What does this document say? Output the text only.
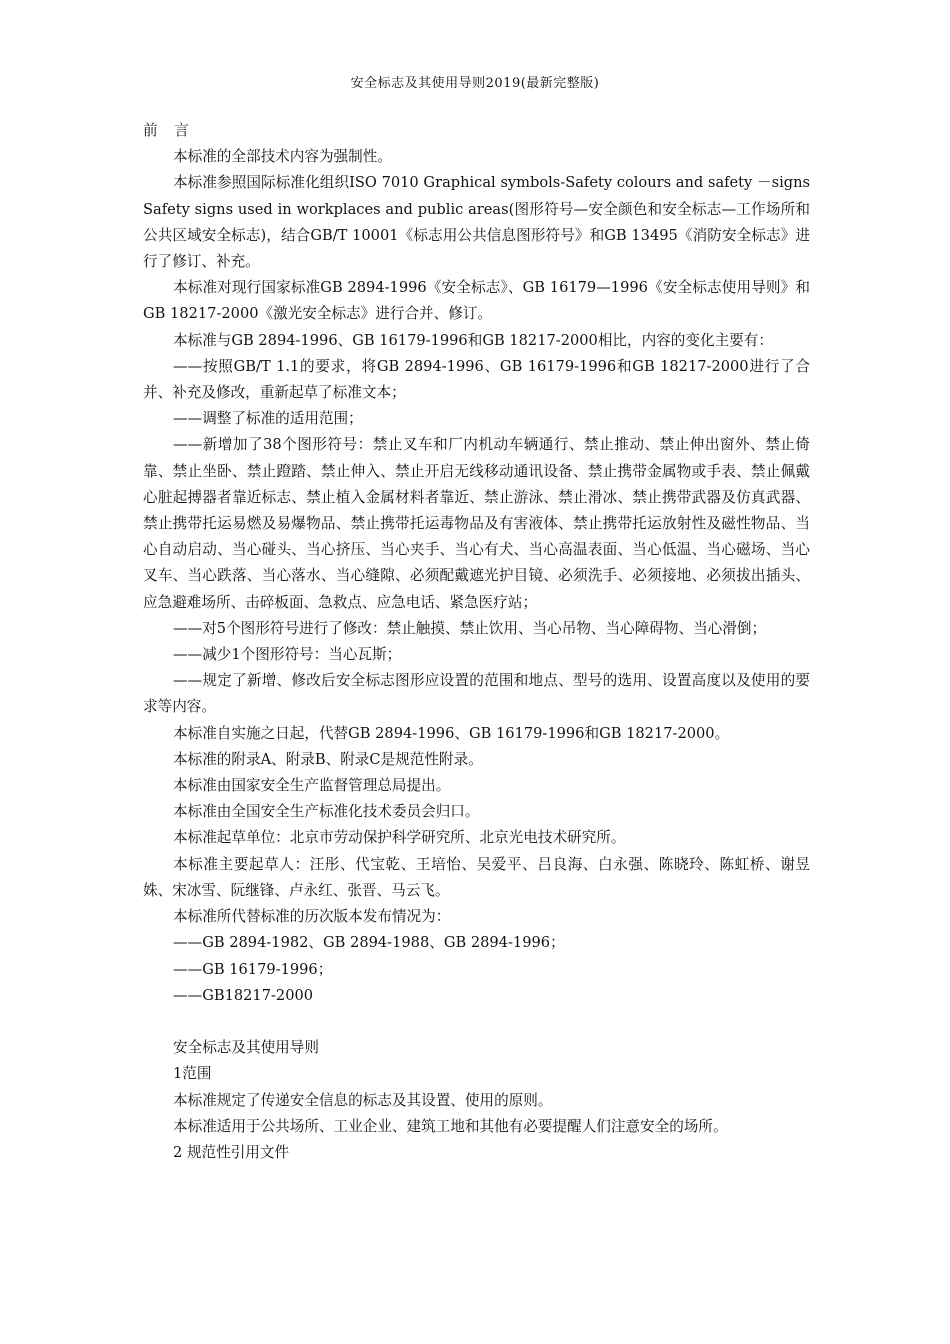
安全标志及其使用导则2019(最新完整版)

前 言

本标准的全部技术内容为强制性。

本标准参照国际标准化组织ISO 7010 Graphical symbols-Safety colours and safety －signs Safety signs used in workplaces and public areas(图形符号—安全颜色和安全标志—工作场所和公共区域安全标志)，结合GB/T 10001《标志用公共信息图形符号》和GB 13495《消防安全标志》进行了修订、补充。

本标准对现行国家标准GB 2894-1996《安全标志》、GB 16179—1996《安全标志使用导则》和GB 18217-2000《激光安全标志》进行合并、修订。

本标准与GB 2894-1996、GB 16179-1996和GB 18217-2000相比，内容的变化主要有：

——按照GB/T 1.1的要求，将GB 2894-1996、GB 16179-1996和GB 18217-2000进行了合并、补充及修改，重新起草了标准文本；

——调整了标准的适用范围；

——新增加了38个图形符号：禁止叉车和厂内机动车辆通行、禁止推动、禁止伸出窗外、禁止倚靠、禁止坐卧、禁止蹬踏、禁止伸入、禁止开启无线移动通讯设备、禁止携带金属物或手表、禁止佩戴心脏起搏器者靠近标志、禁止植入金属材料者靠近、禁止游泳、禁止滑冰、禁止携带武器及仿真武器、禁止携带托运易燃及易爆物品、禁止携带托运毒物品及有害液体、禁止携带托运放射性及磁性物品、当心自动启动、当心碰头、当心挤压、当心夹手、当心有犬、当心高温表面、当心低温、当心磁场、当心叉车、当心跌落、当心落水、当心缝隙、必须配戴遮光护目镜、必须洗手、必须接地、必须拔出插头、应急避难场所、击碎板面、急救点、应急电话、紧急医疗站；

——对5个图形符号进行了修改：禁止触摸、禁止饮用、当心吊物、当心障碍物、当心滑倒；

——减少1个图形符号：当心瓦斯；

——规定了新增、修改后安全标志图形应设置的范围和地点、型号的选用、设置高度以及使用的要求等内容。

本标准自实施之日起，代替GB 2894-1996、GB 16179-1996和GB 18217-2000。

本标准的附录A、附录B、附录C是规范性附录。

本标准由国家安全生产监督管理总局提出。

本标准由全国安全生产标准化技术委员会归口。

本标准起草单位：北京市劳动保护科学研究所、北京光电技术研究所。

本标准主要起草人：汪彤、代宝乾、王培怡、吴爱平、吕良海、白永强、陈晓玲、陈虹桥、谢昱姝、宋冰雪、阮继锋、卢永红、张晋、马云飞。

本标准所代替标准的历次版本发布情况为：

——GB 2894-1982、GB 2894-1988、GB 2894-1996；

——GB 16179-1996；

——GB18217-2000

安全标志及其使用导则

1范围

本标准规定了传递安全信息的标志及其设置、使用的原则。

本标准适用于公共场所、工业企业、建筑工地和其他有必要提醒人们注意安全的场所。

2 规范性引用文件
